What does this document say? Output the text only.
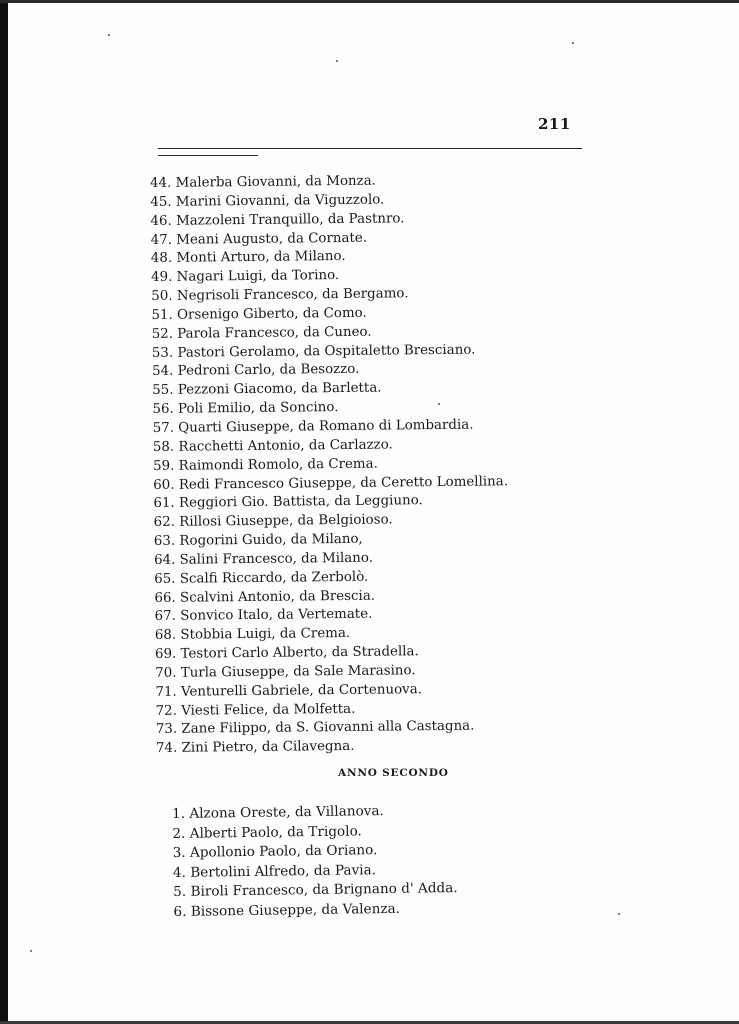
211
44. Malerba Giovanni, da Monza.
45. Marini Giovanni, da Viguzzolo.
46. Mazzoleni Tranquillo, da Pastnro.
47. Meani Augusto, da Cornate.
48. Monti Arturo, da Milano.
49. Nagari Luigi, da Torino.
50. Negrisoli Francesco, da Bergamo.
51. Orsenigo Giberto, da Como.
52. Parola Francesco, da Cuneo.
53. Pastori Gerolamo, da Ospitaletto Bresciano.
54. Pedroni Carlo, da Besozzo.
55. Pezzoni Giacomo, da Barletta.
56. Poli Emilio, da Soncino.
57. Quarti Giuseppe, da Romano di Lombardia.
58. Racchetti Antonio, da Carlazzo.
59. Raimondi Romolo, da Crema.
60. Redi Francesco Giuseppe, da Ceretto Lomellina.
61. Reggiori Gio. Battista, da Leggiuno.
62. Rillosi Giuseppe, da Belgioioso.
63. Rogorini Guido, da Milano,
64. Salini Francesco, da Milano.
65. Scalfi Riccardo, da Zerbolò.
66. Scalvini Antonio, da Brescia.
67. Sonvico Italo, da Vertemate.
68. Stobbia Luigi, da Crema.
69. Testori Carlo Alberto, da Stradella.
70. Turla Giuseppe, da Sale Marasino.
71. Venturelli Gabriele, da Cortenuova.
72. Viesti Felice, da Molfetta.
73. Zane Filippo, da S. Giovanni alla Castagna.
74. Zini Pietro, da Cilavegna.
ANNO SECONDO
1. Alzona Oreste, da Villanova.
2. Alberti Paolo, da Trigolo.
3. Apollonio Paolo, da Oriano.
4. Bertolini Alfredo, da Pavia.
5. Biroli Francesco, da Brignano d' Adda.
6. Bissone Giuseppe, da Valenza.
